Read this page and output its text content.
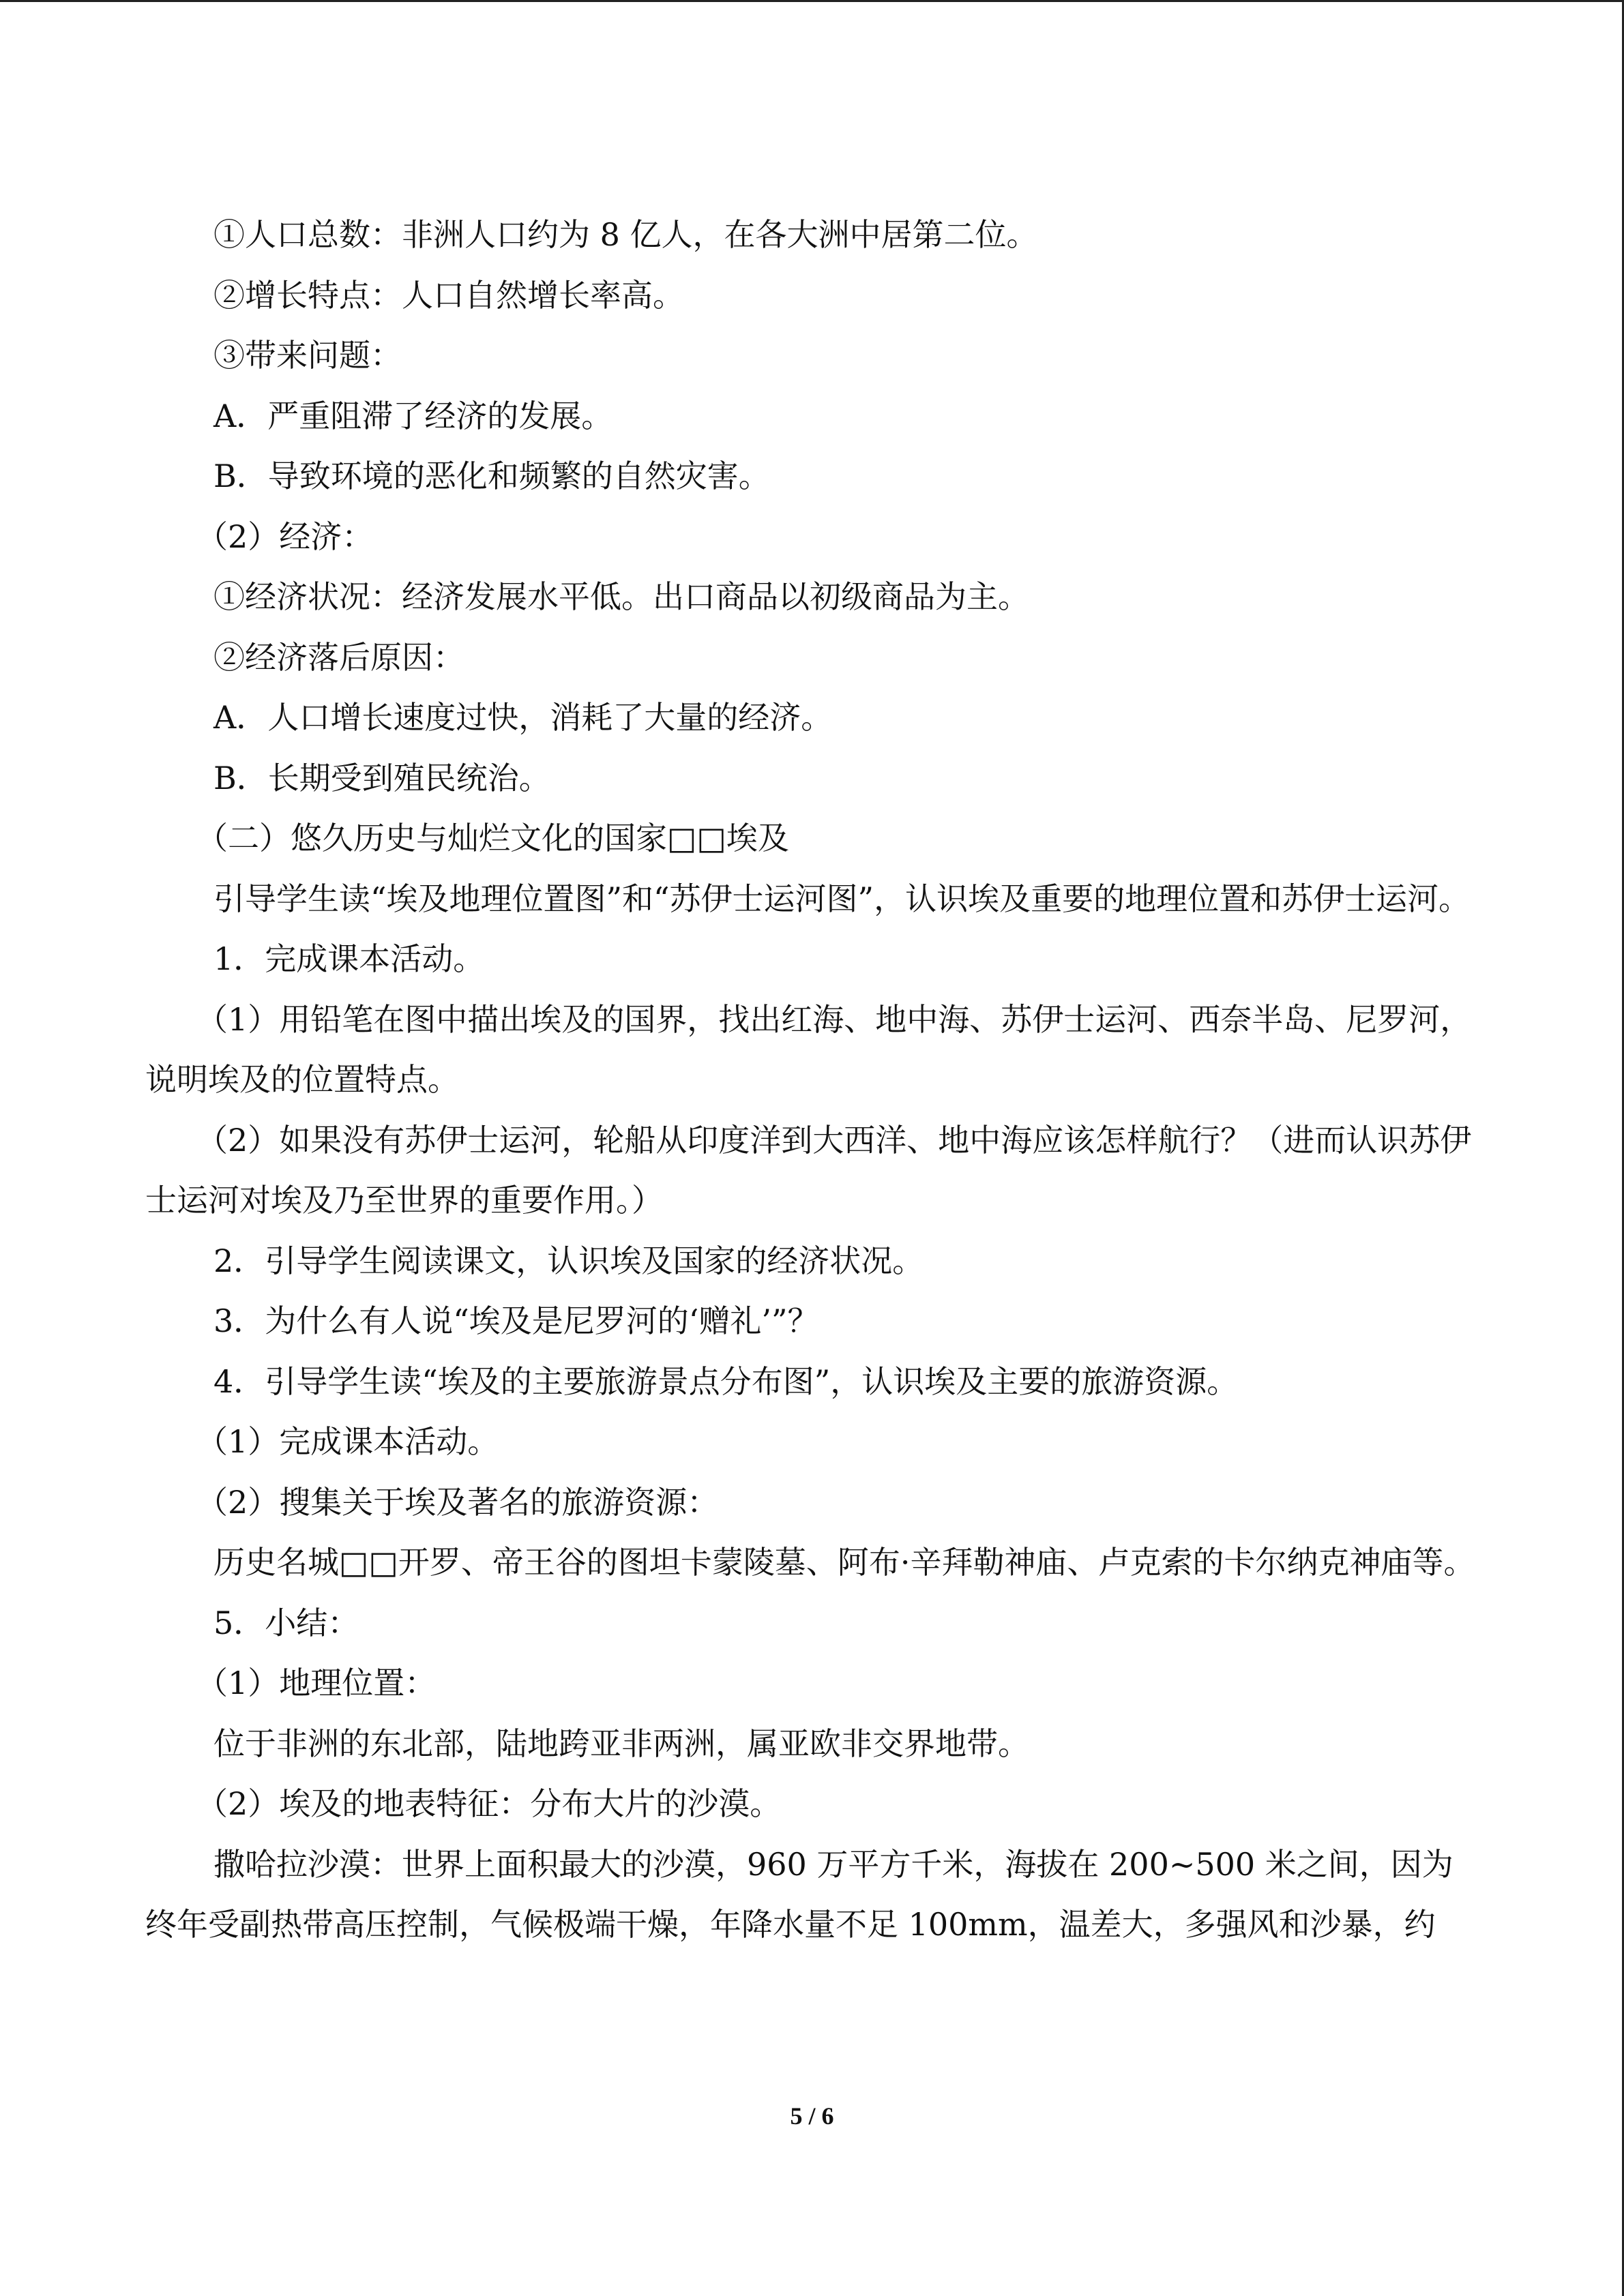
①人口总数：非洲人口约为 8 亿人，在各大洲中居第二位。

②增长特点：人口自然增长率高。

③带来问题：

A．严重阻滞了经济的发展。

B．导致环境的恶化和频繁的自然灾害。

（2）经济：

①经济状况：经济发展水平低。出口商品以初级商品为主。

②经济落后原因：

A．人口增长速度过快，消耗了大量的经济。

B．长期受到殖民统治。

（二）悠久历史与灿烂文化的国家□□埃及

引导学生读“埃及地理位置图”和“苏伊士运河图”，认识埃及重要的地理位置和苏伊士运河。

1．完成课本活动。

（1）用铅笔在图中描出埃及的国界，找出红海、地中海、苏伊士运河、西奈半岛、尼罗河，说明埃及的位置特点。

（2）如果没有苏伊士运河，轮船从印度洋到大西洋、地中海应该怎样航行？（进而认识苏伊士运河对埃及乃至世界的重要作用。）

2．引导学生阅读课文，认识埃及国家的经济状况。

3．为什么有人说“埃及是尼罗河的‘赠礼’”？

4．引导学生读“埃及的主要旅游景点分布图”，认识埃及主要的旅游资源。

（1）完成课本活动。

（2）搜集关于埃及著名的旅游资源：

历史名城□□开罗、帝王谷的图坦卡蒙陵墓、阿布·辛拜勒神庙、卢克索的卡尔纳克神庙等。

5．小结：

（1）地理位置：

位于非洲的东北部，陆地跨亚非两洲，属亚欧非交界地带。

（2）埃及的地表特征：分布大片的沙漠。

撒哈拉沙漠：世界上面积最大的沙漠，960 万平方千米，海拔在 200~500 米之间，因为终年受副热带高压控制，气候极端干燥，年降水量不足 100mm，温差大，多强风和沙暴，约

5 / 6
